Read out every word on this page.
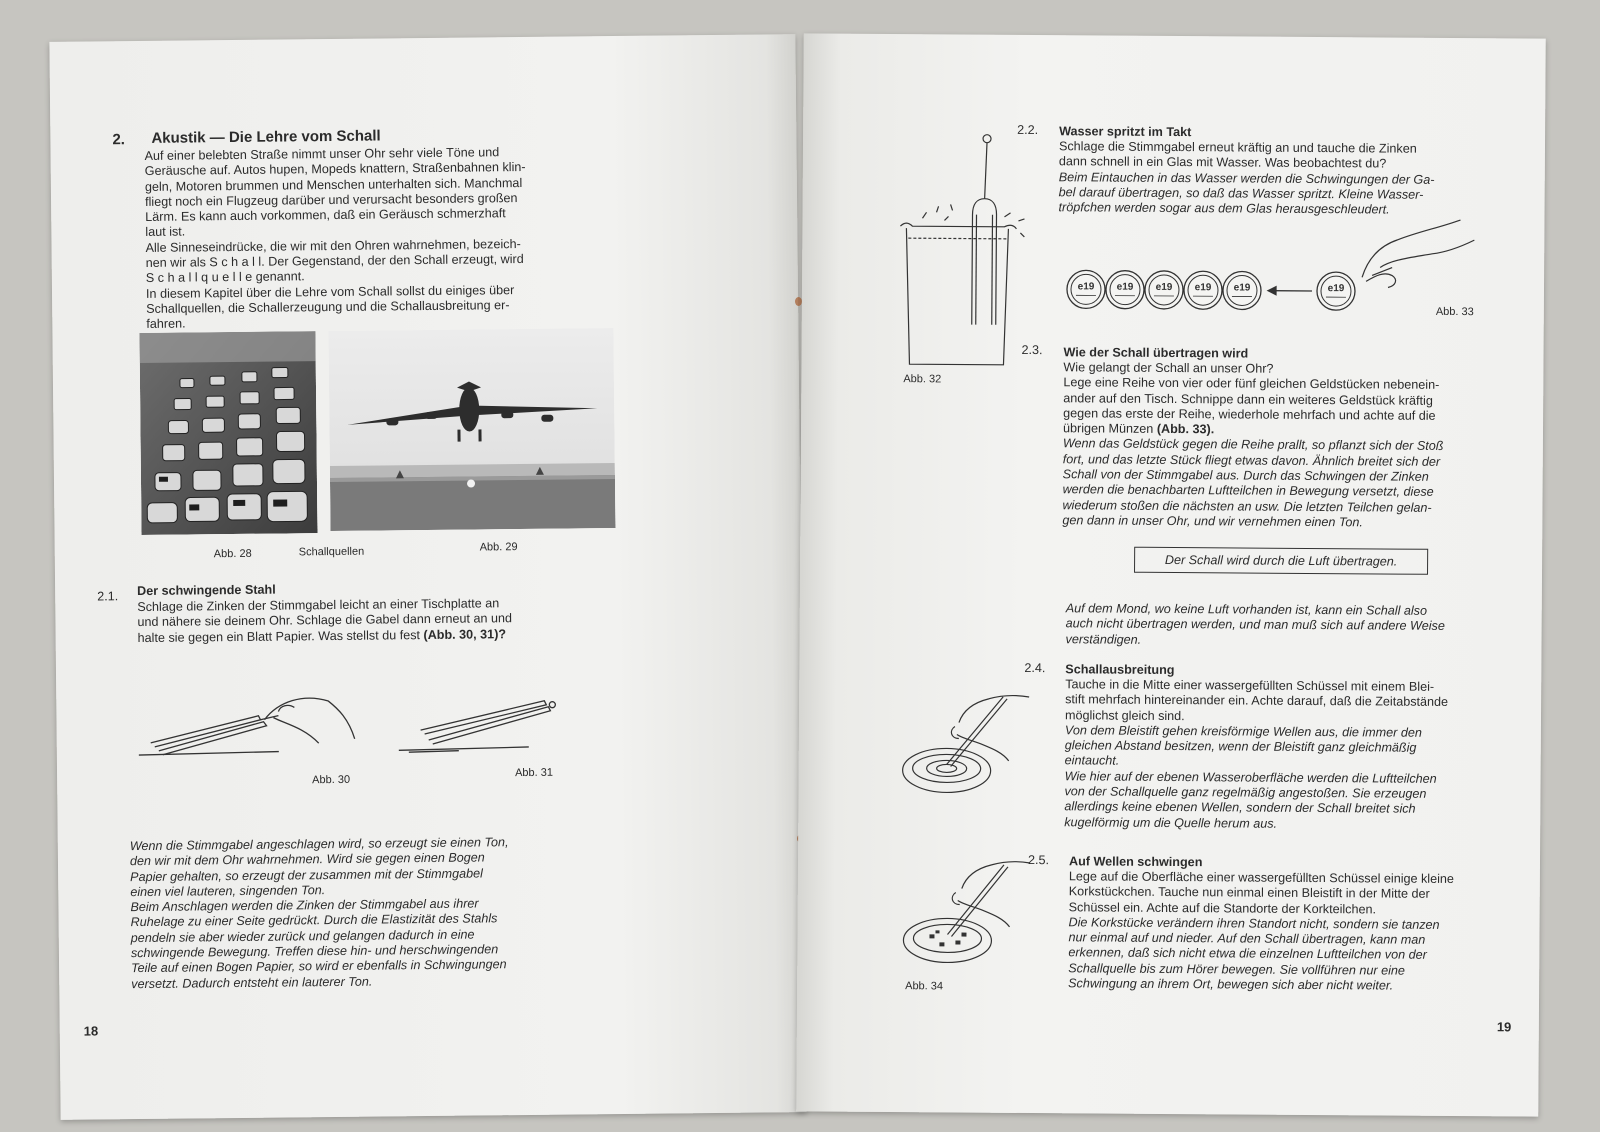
2. Akustik — Die Lehre vom Schall
Auf einer belebten Straße nimmt unser Ohr sehr viele Töne und
Geräusche auf. Autos hupen, Mopeds knattern, Straßenbahnen klin-
geln, Motoren brummen und Menschen unterhalten sich. Manchmal
fliegt noch ein Flugzeug darüber und verursacht besonders großen
Lärm. Es kann auch vorkommen, daß ein Geräusch schmerzhaft
laut ist.
Alle Sinneseindrücke, die wir mit den Ohren wahrnehmen, bezeich-
nen wir als S c h a l l. Der Gegenstand, der den Schall erzeugt, wird
S c h a l l q u e l l e genannt.
In diesem Kapitel über die Lehre vom Schall sollst du einiges über
Schallquellen, die Schallerzeugung und die Schallausbreitung er-
fahren.
Abb. 28	Schallquellen	Abb. 29
2.1. Der schwingende Stahl
Schlage die Zinken der Stimmgabel leicht an einer Tischplatte an
und nähere sie deinem Ohr. Schlage die Gabel dann erneut an und
halte sie gegen ein Blatt Papier. Was stellst du fest (Abb. 30, 31)?
Abb. 30
Abb. 31
Wenn die Stimmgabel angeschlagen wird, so erzeugt sie einen Ton,
den wir mit dem Ohr wahrnehmen. Wird sie gegen einen Bogen
Papier gehalten, so erzeugt der zusammen mit der Stimmgabel
einen viel lauteren, singenden Ton.
Beim Anschlagen werden die Zinken der Stimmgabel aus ihrer
Ruhelage zu einer Seite gedrückt. Durch die Elastizität des Stahls
pendeln sie aber wieder zurück und gelangen dadurch in eine
schwingende Bewegung. Treffen diese hin- und herschwingenden
Teile auf einen Bogen Papier, so wird er ebenfalls in Schwingungen
versetzt. Dadurch entsteht ein lauterer Ton.
18
Abb. 32
2.2. Wasser spritzt im Takt
Schlage die Stimmgabel erneut kräftig an und tauche die Zinken
dann schnell in ein Glas mit Wasser. Was beobachtest du?
Beim Eintauchen in das Wasser werden die Schwingungen der Ga-
bel darauf übertragen, so daß das Wasser spritzt. Kleine Wasser-
tröpfchen werden sogar aus dem Glas herausgeschleudert.
e19 e19 e19 e19 e19	e19
Abb. 33
2.3. Wie der Schall übertragen wird
Wie gelangt der Schall an unser Ohr?
Lege eine Reihe von vier oder fünf gleichen Geldstücken nebenein-
ander auf den Tisch. Schnippe dann ein weiteres Geldstück kräftig
gegen das erste der Reihe, wiederhole mehrfach und achte auf die
übrigen Münzen (Abb. 33).
Wenn das Geldstück gegen die Reihe prallt, so pflanzt sich der Stoß
fort, und das letzte Stück fliegt etwas davon. Ähnlich breitet sich der
Schall von der Stimmgabel aus. Durch das Schwingen der Zinken
werden die benachbarten Luftteilchen in Bewegung versetzt, diese
wiederum stoßen die nächsten an usw. Die letzten Teilchen gelan-
gen dann in unser Ohr, und wir vernehmen einen Ton.
Der Schall wird durch die Luft übertragen.
Auf dem Mond, wo keine Luft vorhanden ist, kann ein Schall also
auch nicht übertragen werden, und man muß sich auf andere Weise
verständigen.
2.4. Schallausbreitung
Tauche in die Mitte einer wassergefüllten Schüssel mit einem Blei-
stift mehrfach hintereinander ein. Achte darauf, daß die Zeitabstände
möglichst gleich sind.
Von dem Bleistift gehen kreisförmige Wellen aus, die immer den
gleichen Abstand besitzen, wenn der Bleistift ganz gleichmäßig
eintaucht.
Wie hier auf der ebenen Wasseroberfläche werden die Luftteilchen
von der Schallquelle ganz regelmäßig angestoßen. Sie erzeugen
allerdings keine ebenen Wellen, sondern der Schall breitet sich
kugelförmig um die Quelle herum aus.
Abb. 34
2.5. Auf Wellen schwingen
Lege auf die Oberfläche einer wassergefüllten Schüssel einige kleine
Korkstückchen. Tauche nun einmal einen Bleistift in der Mitte der
Schüssel ein. Achte auf die Standorte der Korkteilchen.
Die Korkstücke verändern ihren Standort nicht, sondern sie tanzen
nur einmal auf und nieder. Auf den Schall übertragen, kann man
erkennen, daß sich nicht etwa die einzelnen Luftteilchen von der
Schallquelle bis zum Hörer bewegen. Sie vollführen nur eine
Schwingung an ihrem Ort, bewegen sich aber nicht weiter.
19
